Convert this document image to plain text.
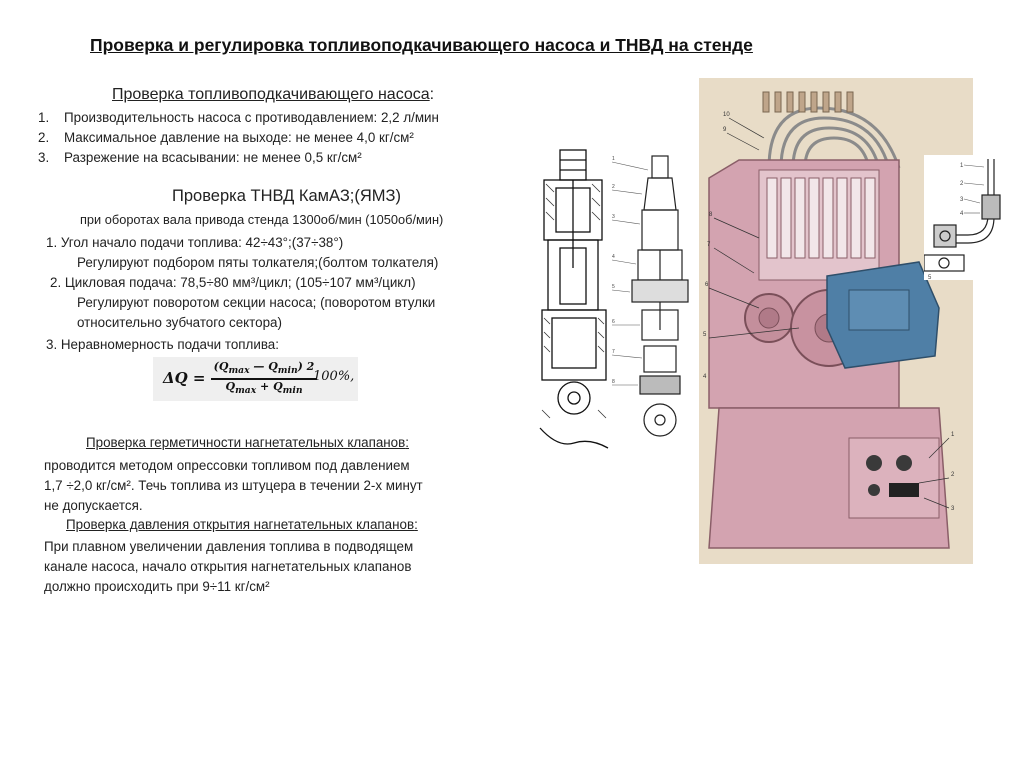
Проверка и регулировка топливоподкачивающего насоса и ТНВД на стенде
Проверка топливоподкачивающего насоса:
1. Производительность насоса с противодавлением: 2,2 л/мин
2. Максимальное давление на выходе: не менее 4,0 кг/см²
3. Разрежение на всасывании: не менее 0,5 кг/см²
Проверка ТНВД КамАЗ;(ЯМЗ)
при оборотах вала привода стенда 1300об/мин (1050об/мин)
1. Угол начало подачи топлива: 42÷43°;(37÷38°)
Регулируют подбором пяты толкателя;(болтом толкателя)
2. Цикловая подача: 78,5÷80 мм³/цикл; (105÷107 мм³/цикл)
Регулируют поворотом секции насоса; (поворотом втулки
относительно зубчатого сектора)
3. Неравномерность подачи топлива:
ΔQ =
($Q_{max}$ — $Q_{min}$) 2
$Q_{max} + Q_{min}$
100%,
Проверка герметичности нагнетательных клапанов:
проводится методом опрессовки топливом под давлением
1,7 ÷2,0 кг/см². Течь топлива из штуцера в течении 2-х минут
не допускается.
Проверка давления открытия нагнетательных клапанов:
При плавном увеличении давления топлива в подводящем
канале насоса, начало открытия нагнетательных клапанов
должно происходить при 9÷11 кг/см²
1
2
3
4
5
6
7
8
10
9
8
7
6
5
4
1
2
3
1
2
3
4
5
